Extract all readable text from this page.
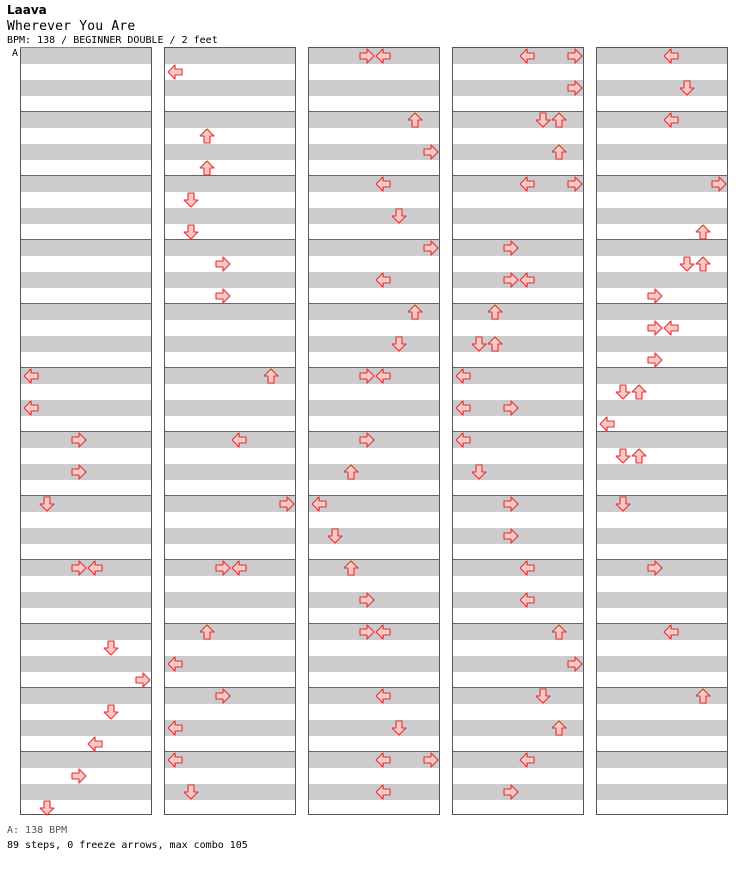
Laava
Wherever You Are
BPM: 138 / BEGINNER DOUBLE / 2 feet
A
A: 138 BPM
89 steps, 0 freeze arrows, max combo 105
